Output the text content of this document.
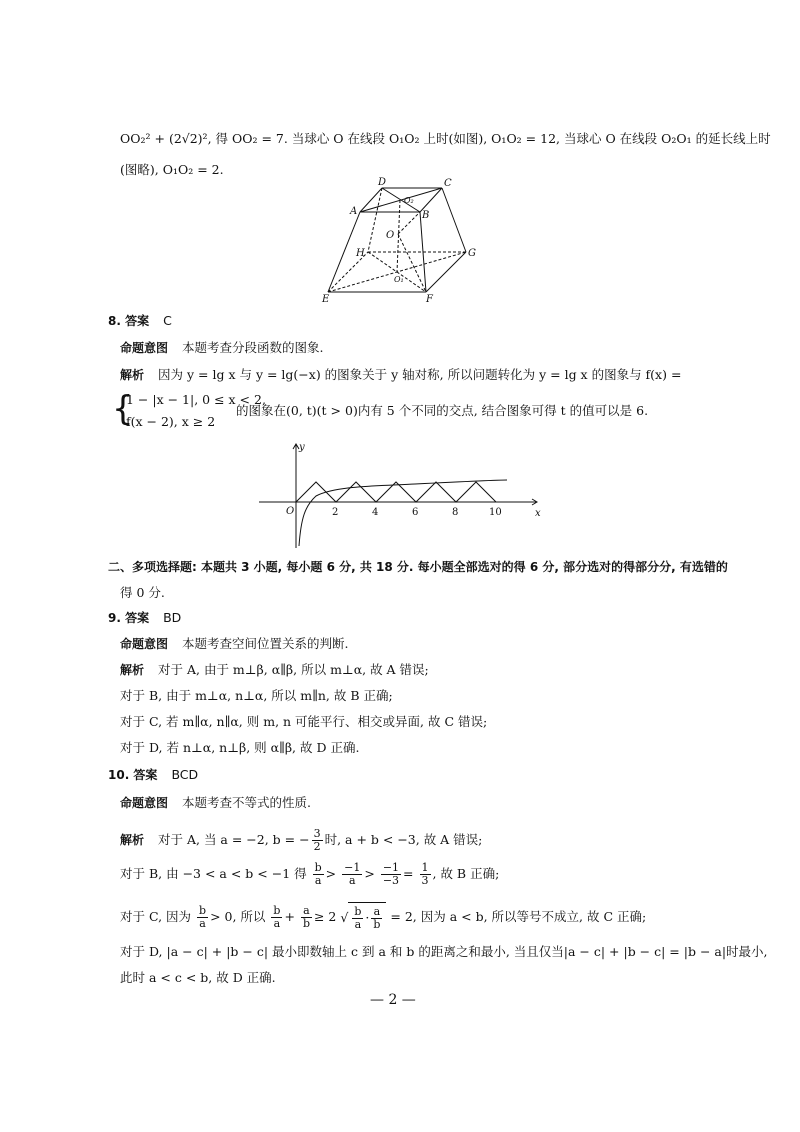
OO₂² + (2√2)², 得 OO₂ = 7. 当球心 O 在线段 O₁O₂ 上时(如图), O₁O₂ = 12, 当球心 O 在线段 O₂O₁ 的延长线上时
(图略), O₁O₂ = 2.
D	C
A
O₂
B
O
H	G
O₁
E	F
8. 答案 C
命题意图 本题考查分段函数的图象.
解析 因为 y = lg x 与 y = lg(−x) 的图象关于 y 轴对称, 所以问题转化为 y = lg x 的图象与 f(x) =
{
1 − |x − 1|, 0 ≤ x < 2,
f(x − 2), x ≥ 2
的图象在(0, t)(t > 0)内有 5 个不同的交点, 结合图象可得 t 的值可以是 6.
y
x
O	2	4	6	8	10
二、多项选择题: 本题共 3 小题, 每小题 6 分, 共 18 分. 每小题全部选对的得 6 分, 部分选对的得部分分, 有选错的
得 0 分.
9. 答案 BD
命题意图 本题考查空间位置关系的判断.
解析 对于 A, 由于 m⊥β, α∥β, 所以 m⊥α, 故 A 错误;
对于 B, 由于 m⊥α, n⊥α, 所以 m∥n, 故 B 正确;
对于 C, 若 m∥α, n∥α, 则 m, n 可能平行、相交或异面, 故 C 错误;
对于 D, 若 n⊥α, n⊥β, 则 α∥β, 故 D 正确.
10. 答案 BCD
命题意图 本题考查不等式的性质.
解析 对于 A, 当 a = −2, b = − $\frac{3}{2}$ 时, a + b < −3, 故 A 错误;
对于 B, 由 −3 < a < b < −1 得 $\frac{b}{a} > \frac{-1}{a} > \frac{-1}{-3} = \frac{1}{3}$ , 故 B 正确;
对于 C, 因为 $\frac{b}{a} > 0$, 所以 $\frac{b}{a} + \frac{a}{b} \ge 2$ √ $\frac{b}{a} \cdot \frac{a}{b} = 2$, 因为 a < b, 所以等号不成立, 故 C 正确;
对于 D, |a − c| + |b − c| 最小即数轴上 c 到 a 和 b 的距离之和最小, 当且仅当|a − c| + |b − c| = |b − a|时最小,
此时 a < c < b, 故 D 正确.
— 2 —
